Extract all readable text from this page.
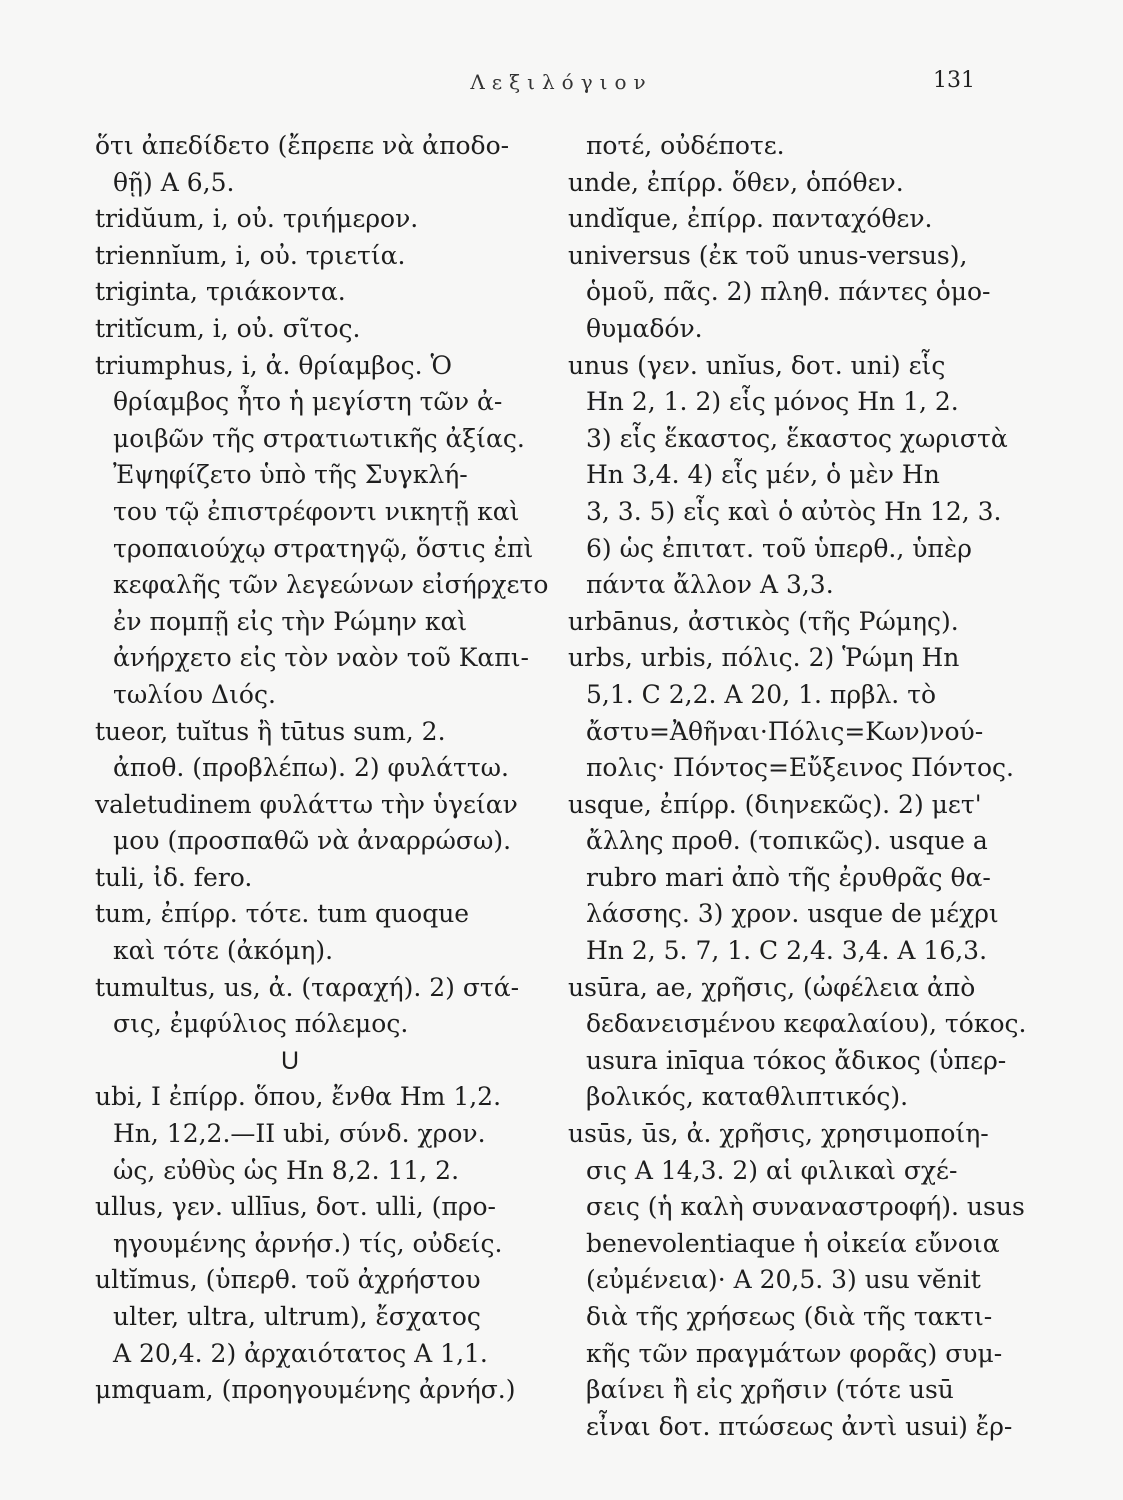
Λεξιλόγιον	131
ὅτι ἀπεδίδετο (ἔπρεπε νὰ ἀποδο-
θῇ) A 6,5.
tridŭum, i, οὐ. τριήμερον.
triennĭum, i, οὐ. τριετία.
triginta, τριάκοντα.
tritĭcum, i, οὐ. σῖτος.
triumphus, i, ἀ. θρίαμβος. Ὁ
θρίαμβος ἦτο ἡ μεγίστη τῶν ἀ-
μοιβῶν τῆς στρατιωτικῆς ἀξίας.
Ἐψηφίζετο ὑπὸ τῆς Συγκλή-
του τῷ ἐπιστρέφοντι νικητῇ καὶ
τροπαιούχῳ στρατηγῷ, ὅστις ἐπὶ
κεφαλῆς τῶν λεγεώνων εἰσήρχετο
ἐν πομπῇ εἰς τὴν Ρώμην καὶ
ἀνήρχετο εἰς τὸν ναὸν τοῦ Καπι-
τωλίου Διός.
tueor, tuĭtus ἢ tūtus sum, 2.
ἀποθ. (προβλέπω). 2) φυλάττω.
valetudinem φυλάττω τὴν ὑγείαν
μου (προσπαθῶ νὰ ἀναρρώσω).
tuli, ἰδ. fero.
tum, ἐπίρρ. τότε. tum quoque
καὶ τότε (ἀκόμη).
tumultus, us, ἀ. (ταραχή). 2) στά-
σις, ἐμφύλιος πόλεμος.
U
ubi, I ἐπίρρ. ὅπου, ἔνθα Hm 1,2.
Hn, 12,2.—II ubi, σύνδ. χρον.
ὡς, εὐθὺς ὡς Hn 8,2. 11, 2.
ullus, γεν. ullīus, δοτ. ulli, (προ-
ηγουμένης ἀρνήσ.) τίς, οὐδείς.
ultĭmus, (ὑπερθ. τοῦ ἀχρήστου
ulter, ultra, ultrum), ἔσχατος
A 20,4. 2) ἀρχαιότατος A 1,1.
μmquam, (προηγουμένης ἀρνήσ.)
ποτέ, οὐδέποτε.
unde, ἐπίρρ. ὅθεν, ὁπόθεν.
undĭque, ἐπίρρ. πανταχόθεν.
universus (ἐκ τοῦ unus-versus),
ὁμοῦ, πᾶς. 2) πληθ. πάντες ὁμο-
θυμαδόν.
unus (γεν. unĭus, δοτ. uni) εἷς
Hn 2, 1. 2) εἷς μόνος Hn 1, 2.
3) εἷς ἕκαστος, ἕκαστος χωριστὰ
Hn 3,4. 4) εἷς μέν, ὁ μὲν Hn
3, 3. 5) εἷς καὶ ὁ αὐτὸς Hn 12, 3.
6) ὡς ἐπιτατ. τοῦ ὑπερθ., ὑπὲρ
πάντα ἄλλον A 3,3.
urbānus, ἀστικὸς (τῆς Ρώμης).
urbs, urbis, πόλις. 2) Ῥώμη Hn
5,1. C 2,2. A 20, 1. πρβλ. τὸ
ἄστυ=Ἀθῆναι·Πόλις=Κων)νού-
πολις· Πόντος=Εὔξεινος Πόντος.
usque, ἐπίρρ. (διηνεκῶς). 2) μετ'
ἄλλης προθ. (τοπικῶς). usque a
rubro mari ἀπὸ τῆς ἐρυθρᾶς θα-
λάσσης. 3) χρον. usque de μέχρι
Hn 2, 5. 7, 1. C 2,4. 3,4. A 16,3.
usūra, ae, χρῆσις, (ὠφέλεια ἀπὸ
δεδανεισμένου κεφαλαίου), τόκος.
usura inīqua τόκος ἄδικος (ὑπερ-
βολικός, καταθλιπτικός).
usūs, ūs, ἀ. χρῆσις, χρησιμοποίη-
σις A 14,3. 2) αἱ φιλικαὶ σχέ-
σεις (ἡ καλὴ συναναστροφή). usus
benevolentiaque ἡ οἰκεία εὔνοια
(εὐμένεια)· A 20,5. 3) usu vĕnit
διὰ τῆς χρήσεως (διὰ τῆς τακτι-
κῆς τῶν πραγμάτων φορᾶς) συμ-
βαίνει ἢ εἰς χρῆσιν (τότε usū
εἶναι δοτ. πτώσεως ἀντὶ usui) ἔρ-
